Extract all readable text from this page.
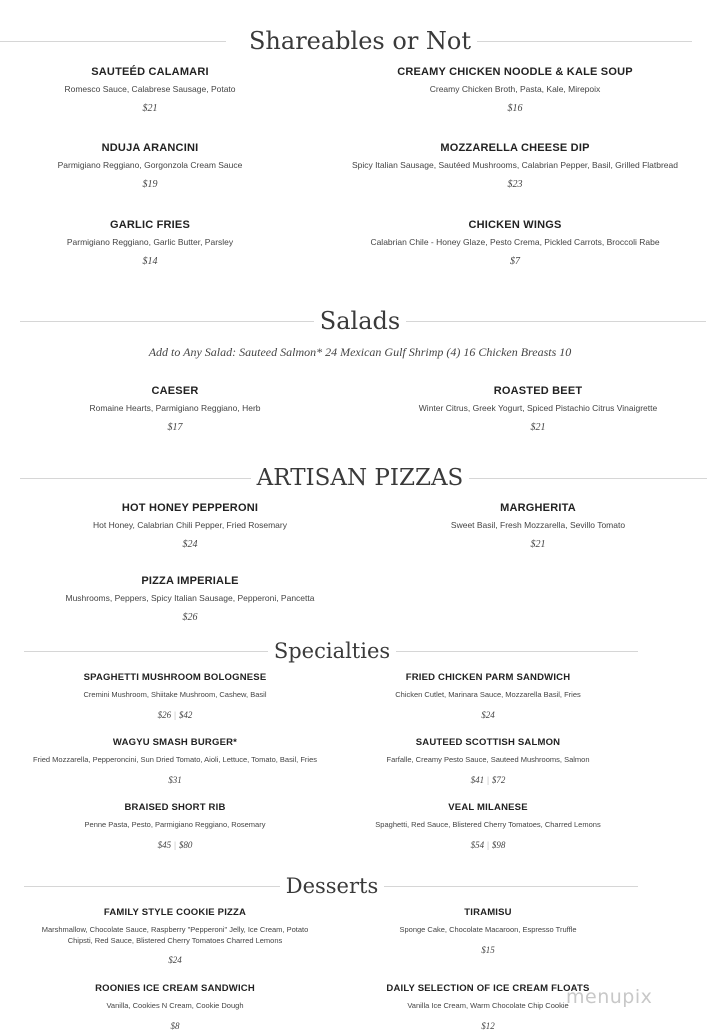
Shareables or Not
SAUTEÉD CALAMARI
Romesco Sauce, Calabrese Sausage, Potato
$21
CREAMY CHICKEN NOODLE & KALE SOUP
Creamy Chicken Broth, Pasta, Kale, Mirepoix
$16
NDUJA ARANCINI
Parmigiano Reggiano, Gorgonzola Cream Sauce
$19
MOZZARELLA CHEESE DIP
Spicy Italian Sausage, Sautéed Mushrooms, Calabrian Pepper, Basil, Grilled Flatbread
$23
GARLIC FRIES
Parmigiano Reggiano, Garlic Butter, Parsley
$14
CHICKEN WINGS
Calabrian Chile - Honey Glaze, Pesto Crema, Pickled Carrots, Broccoli Rabe
$7
Salads
Add to Any Salad: Sauteed Salmon* 24 Mexican Gulf Shrimp (4) 16 Chicken Breasts 10
CAESER
Romaine Hearts, Parmigiano Reggiano, Herb
$17
ROASTED BEET
Winter Citrus, Greek Yogurt, Spiced Pistachio Citrus Vinaigrette
$21
ARTISAN PIZZAS
HOT HONEY PEPPERONI
Hot Honey, Calabrian Chili Pepper, Fried Rosemary
$24
MARGHERITA
Sweet Basil, Fresh Mozzarella, Sevillo Tomato
$21
PIZZA IMPERIALE
Mushrooms, Peppers, Spicy Italian Sausage, Pepperoni, Pancetta
$26
Specialties
SPAGHETTI MUSHROOM BOLOGNESE
Cremini Mushroom, Shiitake Mushroom, Cashew, Basil
$26 | $42
FRIED CHICKEN PARM SANDWICH
Chicken Cutlet, Marinara Sauce, Mozzarella Basil, Fries
$24
WAGYU SMASH BURGER*
Fried Mozzarella, Pepperoncini, Sun Dried Tomato, Aioli, Lettuce, Tomato, Basil, Fries
$31
SAUTEED SCOTTISH SALMON
Farfalle, Creamy Pesto Sauce, Sauteed Mushrooms, Salmon
$41 | $72
BRAISED SHORT RIB
Penne Pasta, Pesto, Parmigiano Reggiano, Rosemary
$45 | $80
VEAL MILANESE
Spaghetti, Red Sauce, Blistered Cherry Tomatoes, Charred Lemons
$54 | $98
Desserts
FAMILY STYLE COOKIE PIZZA
Marshmallow, Chocolate Sauce, Raspberry "Pepperoni" Jelly, Ice Cream, Potato Chipsti, Red Sauce, Blistered Cherry Tomatoes Charred Lemons
$24
TIRAMISU
Sponge Cake, Chocolate Macaroon, Espresso Truffle
$15
ROONIES ICE CREAM SANDWICH
Vanilla, Cookies N Cream, Cookie Dough
$8
DAILY SELECTION OF ICE CREAM FLOATS
Vanilla Ice Cream, Warm Chocolate Chip Cookie
$12
menupix
